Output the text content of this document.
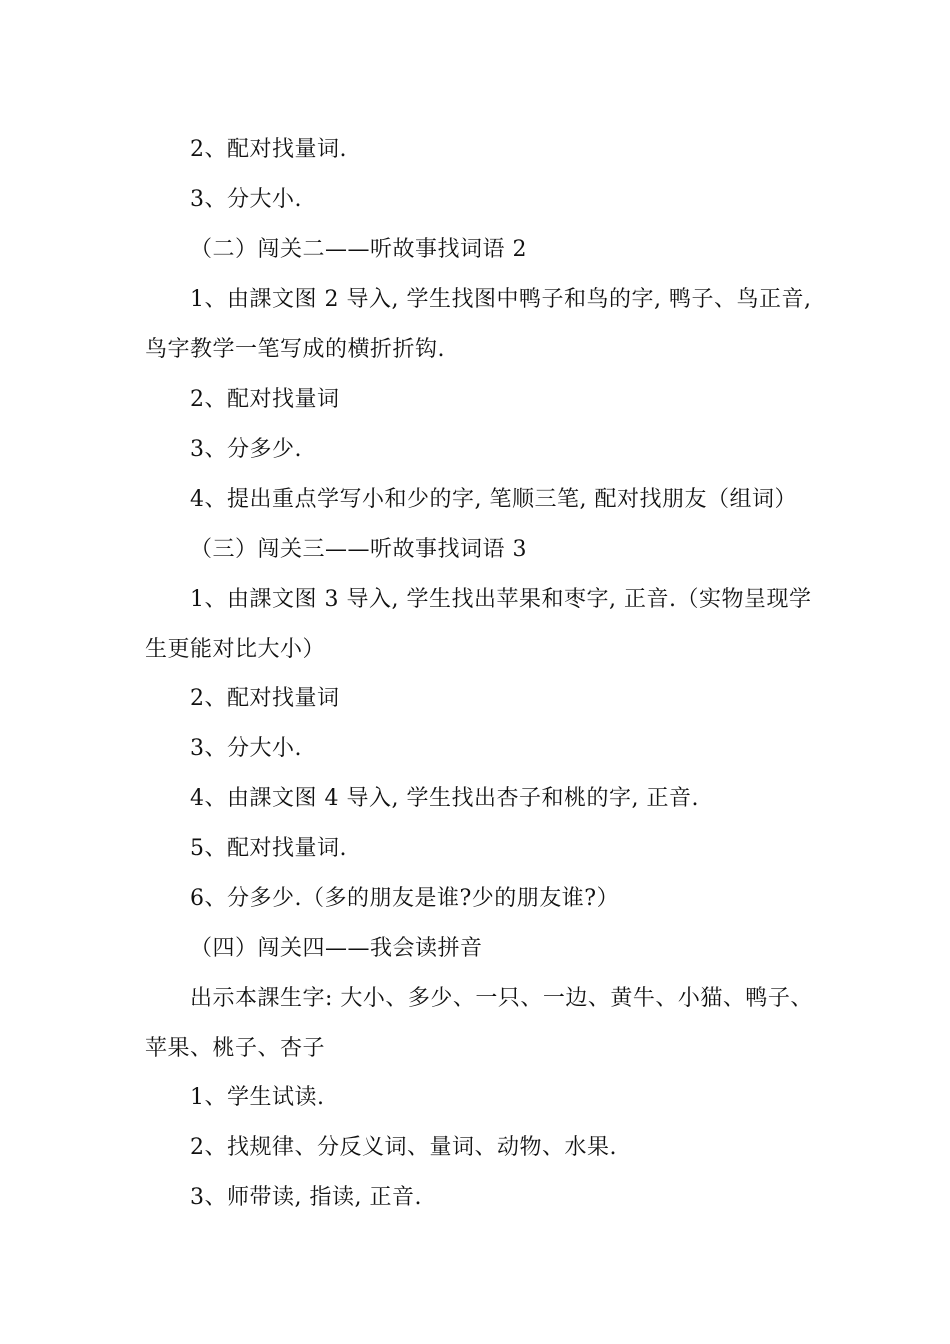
2、配对找量词.

3、分大小.

（二）闯关二——听故事找词语 2

1、由課文图 2 导入, 学生找图中鸭子和鸟的字, 鸭子、鸟正音,

鸟字教学一笔写成的横折折钩.

2、配对找量词

3、分多少.

4、提出重点学写小和少的字, 笔顺三笔, 配对找朋友（组词）

（三）闯关三——听故事找词语 3

1、由課文图 3 导入, 学生找出苹果和枣字, 正音.（实物呈现学

生更能对比大小）

2、配对找量词

3、分大小.

4、由課文图 4 导入, 学生找出杏子和桃的字, 正音.

5、配对找量词.

6、分多少.（多的朋友是谁?少的朋友谁?）

（四）闯关四——我会读拼音

出示本課生字: 大小、多少、一只、一边、黄牛、小猫、鸭子、

苹果、桃子、杏子

1、学生试读.

2、找规律、分反义词、量词、动物、水果.

3、师带读, 指读, 正音.
